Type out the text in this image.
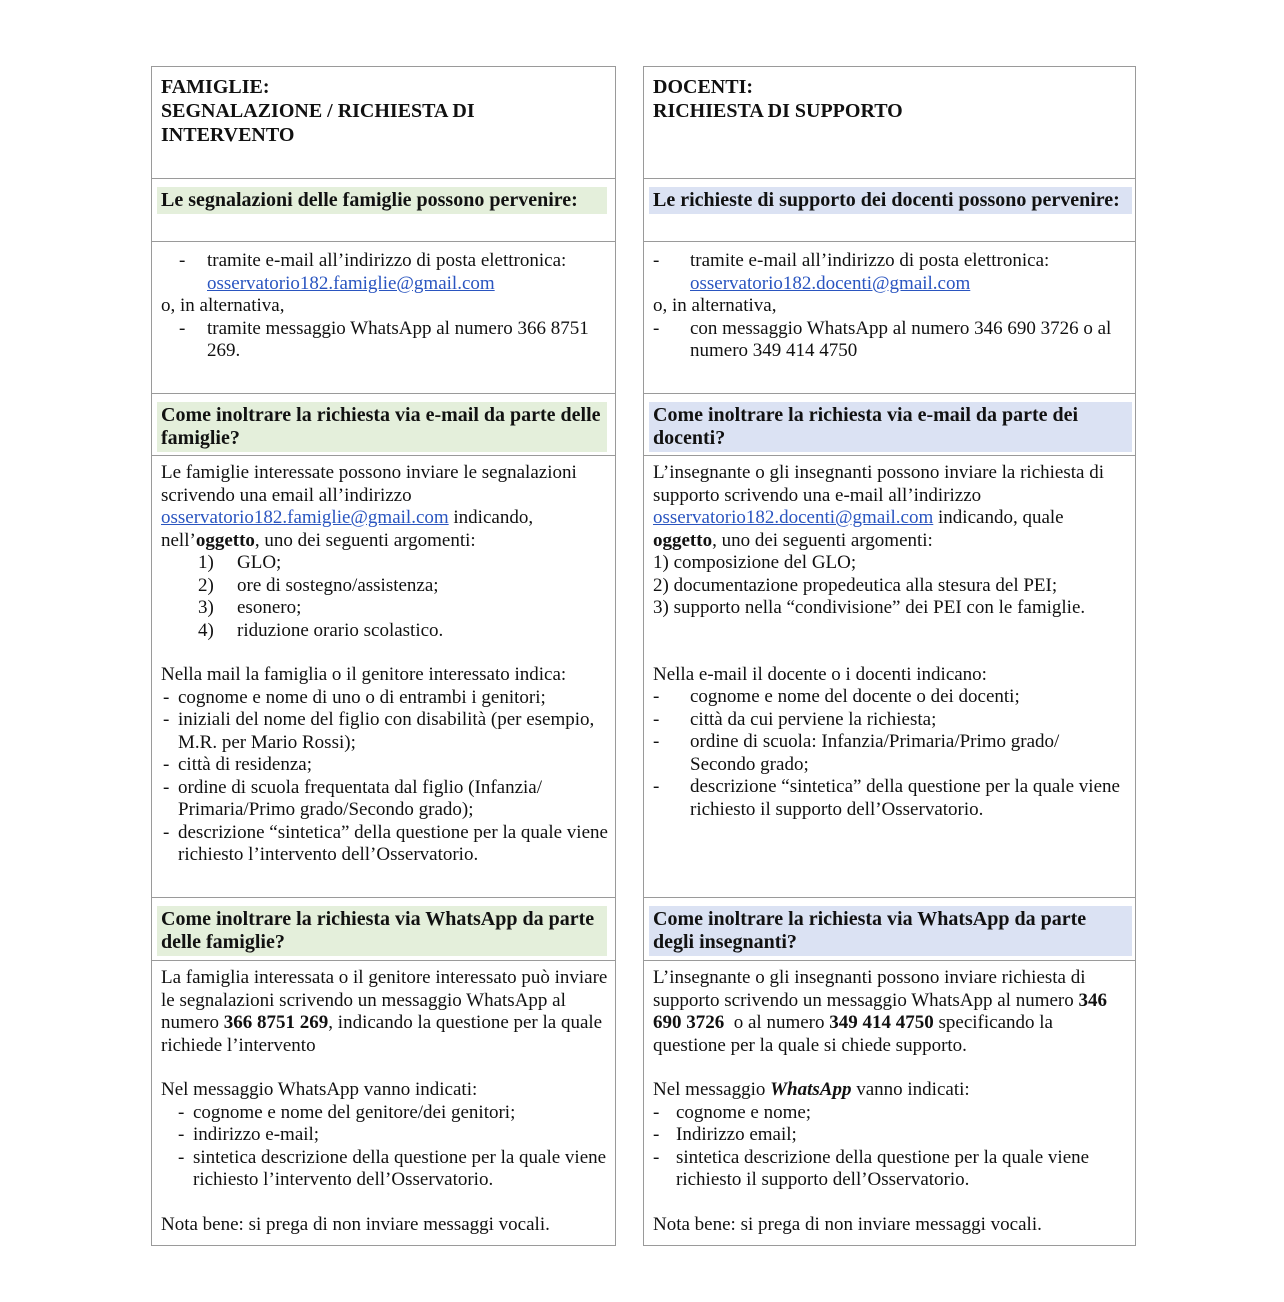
FAMIGLIE:
SEGNALAZIONE / RICHIESTA DI
INTERVENTO
Le segnalazioni delle famiglie possono pervenire:
- tramite e-mail all’indirizzo di posta elettronica:
osservatorio182.famiglie@gmail.com
o, in alternativa,
- tramite messaggio WhatsApp al numero 366 8751 269.
Come inoltrare la richiesta via e-mail da parte delle famiglie?
Le famiglie interessate possono inviare le segnalazioni scrivendo una email all’indirizzo osservatorio182.famiglie@gmail.com indicando, nell’oggetto, uno dei seguenti argomenti:
1) GLO;
2) ore di sostegno/assistenza;
3) esonero;
4) riduzione orario scolastico.
Nella mail la famiglia o il genitore interessato indica:
- cognome e nome di uno o di entrambi i genitori;
- iniziali del nome del figlio con disabilità (per esempio, M.R. per Mario Rossi);
- città di residenza;
- ordine di scuola frequentata dal figlio (Infanzia/ Primaria/Primo grado/Secondo grado);
- descrizione “sintetica” della questione per la quale viene richiesto l’intervento dell’Osservatorio.
Come inoltrare la richiesta via WhatsApp da parte delle famiglie?
La famiglia interessata o il genitore interessato può inviare le segnalazioni scrivendo un messaggio WhatsApp al numero 366 8751 269, indicando la questione per la quale richiede l’intervento
Nel messaggio WhatsApp vanno indicati:
- cognome e nome del genitore/dei genitori;
- indirizzo e-mail;
- sintetica descrizione della questione per la quale viene richiesto l’intervento dell’Osservatorio.
Nota bene: si prega di non inviare messaggi vocali.
DOCENTI:
RICHIESTA DI SUPPORTO
Le richieste di supporto dei docenti possono pervenire:
- tramite e-mail all’indirizzo di posta elettronica:
osservatorio182.docenti@gmail.com
o, in alternativa,
- con messaggio WhatsApp al numero 346 690 3726 o al numero 349 414 4750
Come inoltrare la richiesta via e-mail da parte dei docenti?
L’insegnante o gli insegnanti possono inviare la richiesta di supporto scrivendo una e-mail all’indirizzo osservatorio182.docenti@gmail.com indicando, quale oggetto, uno dei seguenti argomenti:
1) composizione del GLO;
2) documentazione propedeutica alla stesura del PEI;
3) supporto nella “condivisione” dei PEI con le famiglie.
Nella e-mail il docente o i docenti indicano:
- cognome e nome del docente o dei docenti;
- città da cui perviene la richiesta;
- ordine di scuola: Infanzia/Primaria/Primo grado/ Secondo grado;
- descrizione “sintetica” della questione per la quale viene richiesto il supporto dell’Osservatorio.
Come inoltrare la richiesta via WhatsApp da parte degli insegnanti?
L’insegnante o gli insegnanti possono inviare richiesta di supporto scrivendo un messaggio WhatsApp al numero 346 690 3726  o al numero 349 414 4750 specificando la questione per la quale si chiede supporto.
Nel messaggio WhatsApp vanno indicati:
- cognome e nome;
- Indirizzo email;
- sintetica descrizione della questione per la quale viene richiesto il supporto dell’Osservatorio.
Nota bene: si prega di non inviare messaggi vocali.
